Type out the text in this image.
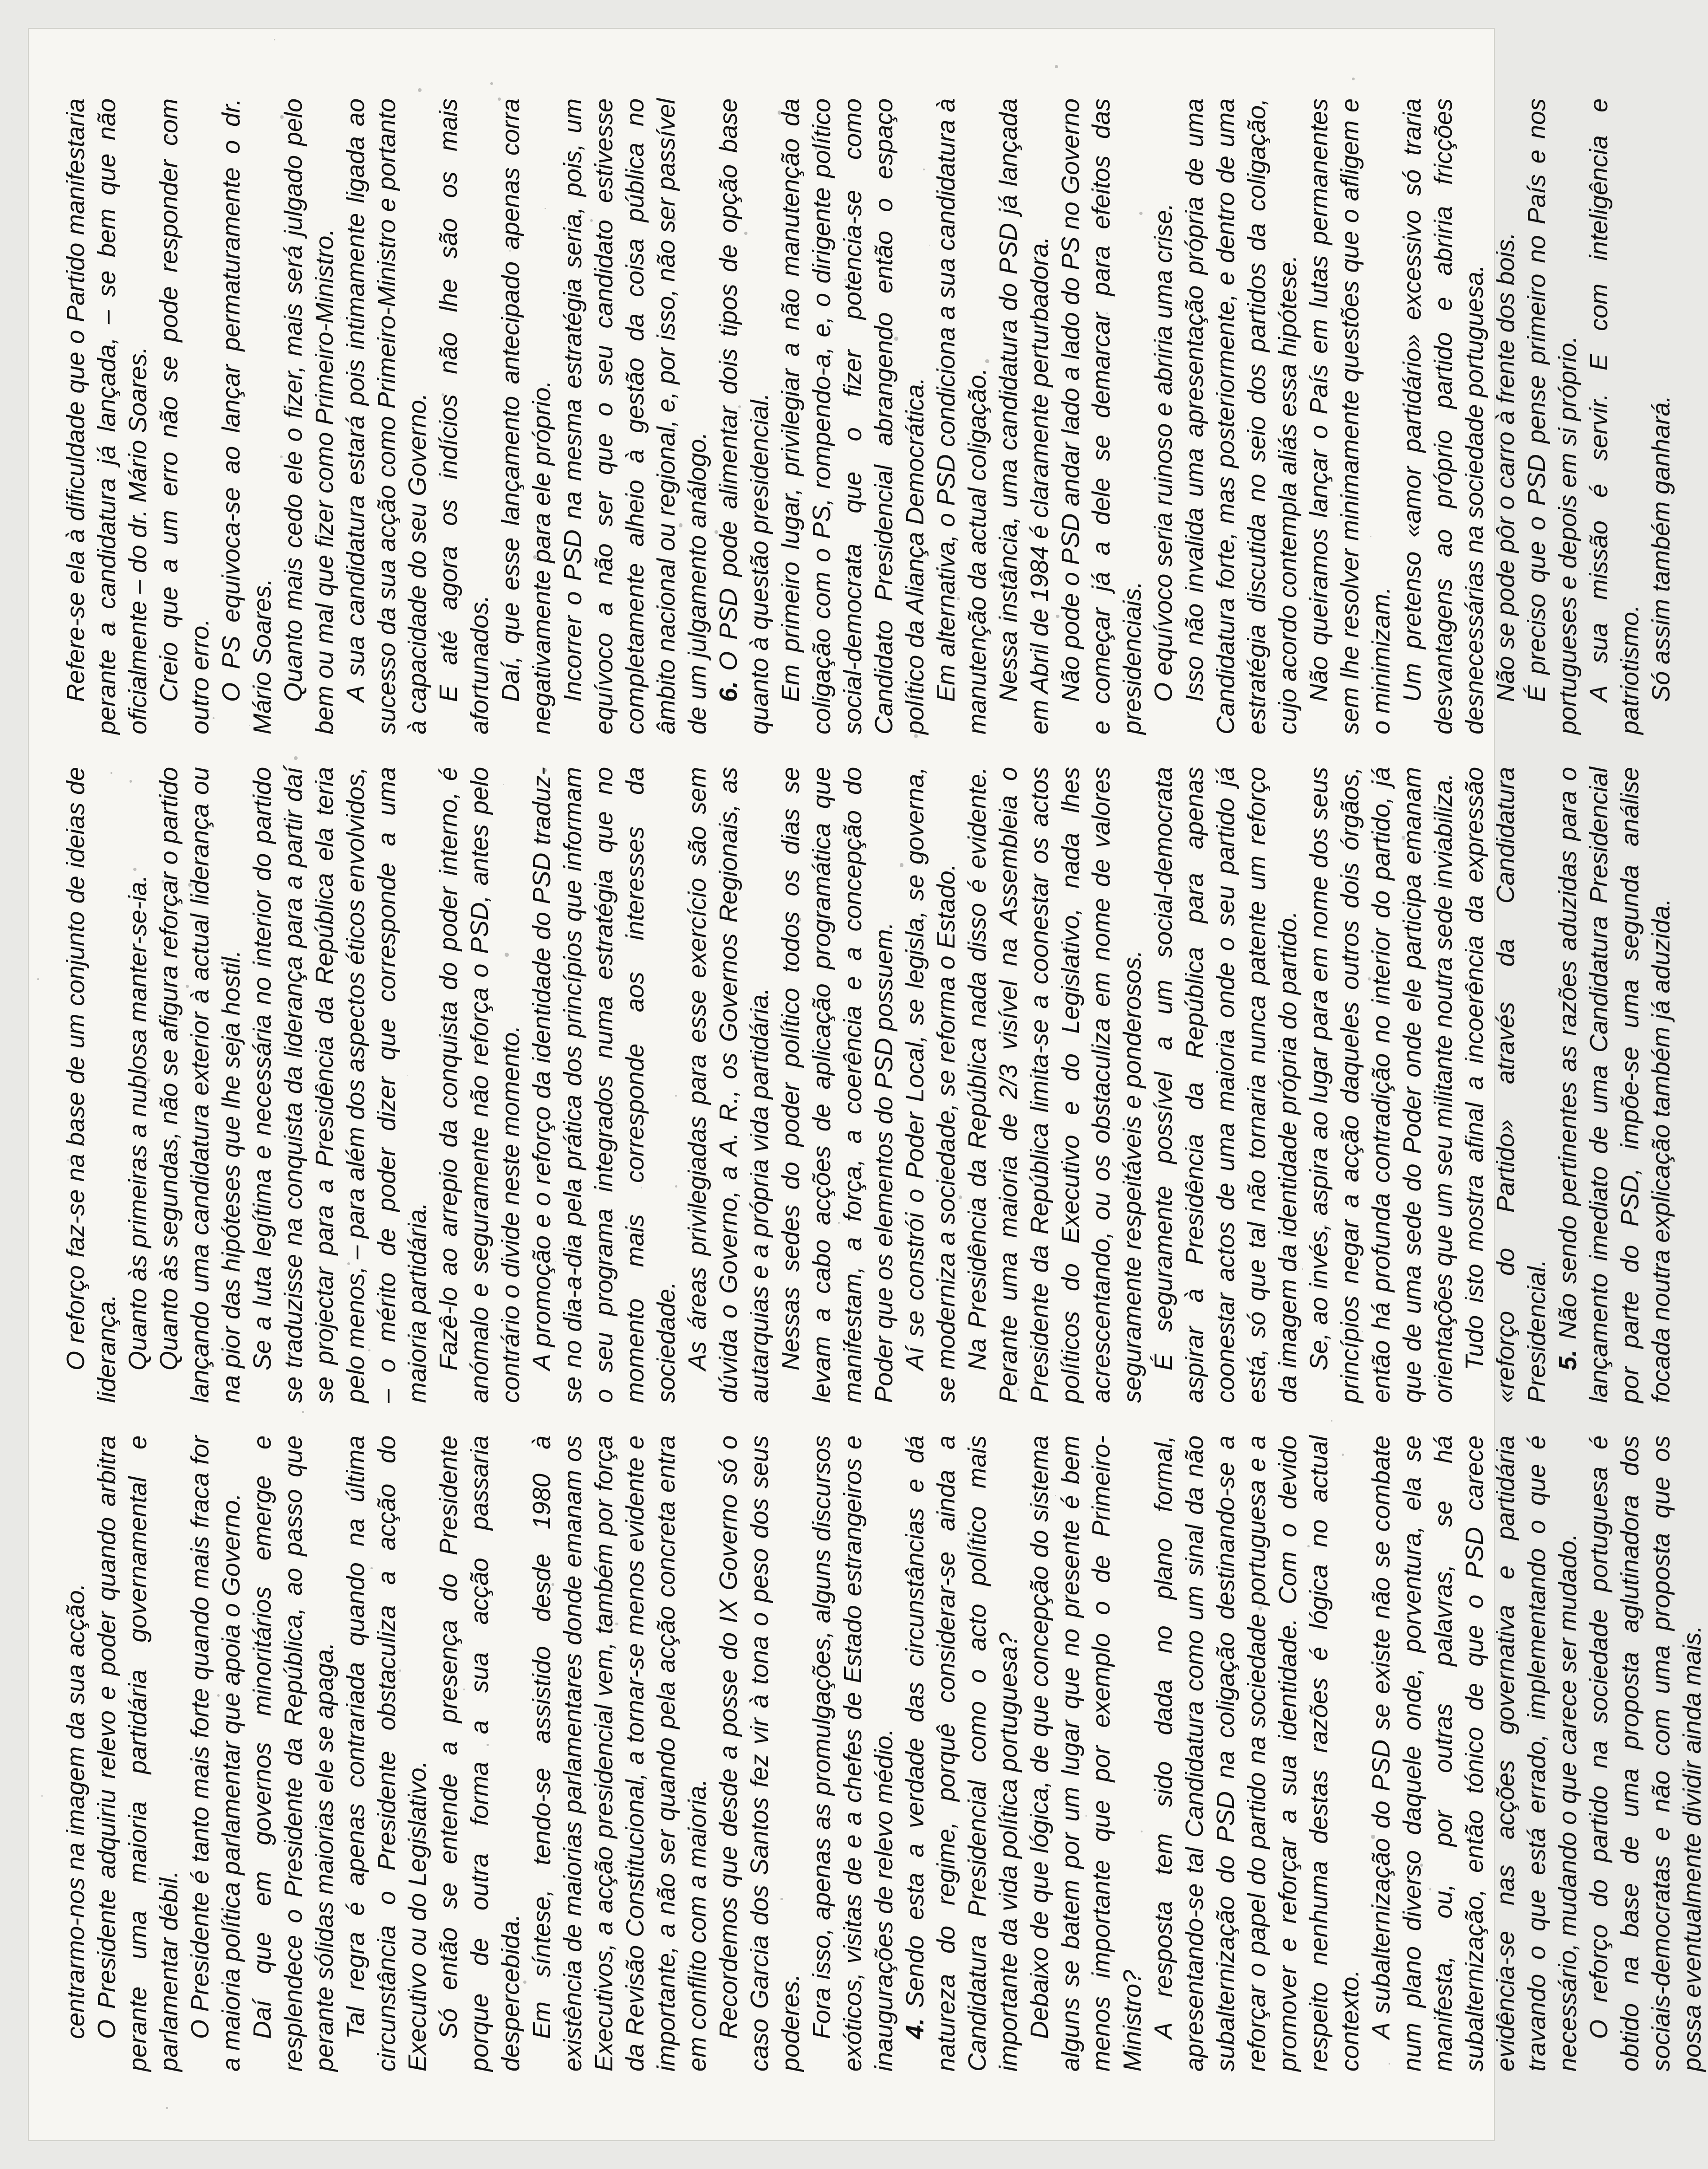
centrarmo-nos na imagem da sua acção. O Presidente adquiriu relevo e poder quando arbitra perante uma maioria partidária governamental e parlamentar débil. O Presidente é tanto mais forte quando mais fraca for a maioria política parlamentar que apoia o Governo. Daí que em governos minoritários emerge e resplendece o Presidente da República, ao passo que perante sólidas maiorias ele se apaga. Tal regra é apenas contrariada quando na última circunstância o Presidente obstaculiza a acção do Executivo ou do Legislativo. Só então se entende a presença do Presidente porque de outra forma a sua acção passaria despercebida. Em síntese, tendo-se assistido desde 1980 à existência de maiorias parlamentares donde emanam os Executivos, a acção presidencial vem, também por força da Revisão Constitucional, a tornar-se menos evidente e importante, a não ser quando pela acção concreta entra em conflito com a maioria. Recordemos que desde a posse do IX Governo só o caso Garcia dos Santos fez vir à tona o peso dos seus poderes. Fora isso, apenas as promulgações, alguns discursos exóticos, visitas de e a chefes de Estado estrangeiros e inaugurações de relevo médio. 4.Sendo esta a verdade das circunstâncias e dá natureza do regime, porquê considerar-se ainda a Candidatura Presidencial como o acto político mais importante da vida política portuguesa? Debaixo de que lógica, de que concepção do sistema alguns se batem por um lugar que no presente é bem menos importante que por exemplo o de Primeiro-Ministro? A resposta tem sido dada no plano formal, apresentando-se tal Candidatura como um sinal da não subalternização do PSD na coligação destinando-se a reforçar o papel do partido na sociedade portuguesa e a promover e reforçar a sua identidade. Com o devido respeito nenhuma destas razões é lógica no actual contexto. A subalternização do PSD se existe não se combate num plano diverso daquele onde, porventura, ela se manifesta, ou, por outras palavras, se há subalternização, então tónico de que o PSD carece evidência-se nas acções governativa e partidária travando o que está errado, implementando o que é necessário, mudando o que carece ser mudado. O reforço do partido na sociedade portuguesa é obtido na base de uma proposta aglutinadora dos sociais-democratas e não com uma proposta que os possa eventualmente dividir ainda mais.

O reforço faz-se na base de um conjunto de ideias de liderança. Quanto às primeiras a nublosa manter-se-ia. Quanto às segundas, não se afigura reforçar o partido lançando uma candidatura exterior à actual liderança ou na pior das hipóteses que lhe seja hostil. Se a luta legítima e necessária no interior do partido se traduzisse na conquista da liderança para a partir daí se projectar para a Presidência da República ela teria pelo menos, – para além dos aspectos éticos envolvidos, – o mérito de poder dizer que corresponde a uma maioria partidária. Fazê-lo ao arrepio da conquista do poder interno, é anómalo e seguramente não reforça o PSD, antes pelo contrário o divide neste momento. A promoção e o reforço da identidade do PSD traduz-se no dia-a-dia pela prática dos princípios que informam o seu programa integrados numa estratégia que no momento mais corresponde aos interesses da sociedade. As áreas privilegiadas para esse exercício são sem dúvida o Governo, a A. R., os Governos Regionais, as autarquias e a própria vida partidária. Nessas sedes do poder político todos os dias se levam a cabo acções de aplicação programática que manifestam, a força, a coerência e a concepção do Poder que os elementos do PSD possuem. Aí se constrói o Poder Local, se legisla, se governa, se moderniza a sociedade, se reforma o Estado. Na Presidência da República nada disso é evidente. Perante uma maioria de 2/3 visível na Assembleia o Presidente da República limita-se a coonestar os actos políticos do Executivo e do Legislativo, nada lhes acrescentando, ou os obstaculiza em nome de valores seguramente respeitáveis e ponderosos. É seguramente possível a um social-democrata aspirar à Presidência da República para apenas coonestar actos de uma maioria onde o seu partido já está, só que tal não tornaria nunca patente um reforço da imagem da identidade própria do partido. Se, ao invés, aspira ao lugar para em nome dos seus princípios negar a acção daqueles outros dois órgãos, então há profunda contradição no interior do partido, já que de uma sede do Poder onde ele participa emanam orientações que um seu militante noutra sede inviabiliza. Tudo isto mostra afinal a incoerência da expressão «reforço do Partido» através da Candidatura Presidencial. 5.Não sendo pertinentes as razões aduzidas para o lançamento imediato de uma Candidatura Presidencial por parte do PSD, impõe-se uma segunda análise focada noutra explicação também já aduzida.

Refere-se ela à dificuldade que o Partido manifestaria perante a candidatura já lançada, – se bem que não oficialmente – do dr. Mário Soares. Creio que a um erro não se pode responder com outro erro. O PS equivoca-se ao lançar permaturamente o dr. Mário Soares. Quanto mais cedo ele o fizer, mais será julgado pelo bem ou mal que fizer como Primeiro-Ministro. A sua candidatura estará pois intimamente ligada ao sucesso da sua acção como Primeiro-Ministro e portanto à capacidade do seu Governo. E até agora os indícios não lhe são os mais afortunados. Daí, que esse lançamento antecipado apenas corra negativamente para ele próprio. Incorrer o PSD na mesma estratégia seria, pois, um equívoco a não ser que o seu candidato estivesse completamente alheio à gestão da coisa pública no âmbito nacional ou regional, e, por isso, não ser passível de um julgamento análogo. 6.O PSD pode alimentar dois tipos de opção base quanto à questão presidencial. Em primeiro lugar, privilegiar a não manutenção da coligação com o PS, rompendo-a, e, o dirigente político social-democrata que o fizer potencia-se como Candidato Presidencial abrangendo então o espaço político da Aliança Democrática. Em alternativa, o PSD condiciona a sua candidatura à manutenção da actual coligação. Nessa instância, uma candidatura do PSD já lançada em Abril de 1984 é claramente perturbadora. Não pode o PSD andar lado a lado do PS no Governo e começar já a dele se demarcar para efeitos das presidenciais. O equívoco seria ruinoso e abriria uma crise. Isso não invalida uma apresentação própria de uma Candidatura forte, mas posteriormente, e dentro de uma estratégia discutida no seio dos partidos da coligação, cujo acordo contempla aliás essa hipótese. Não queiramos lançar o País em lutas permanentes sem lhe resolver minimamente questões que o afligem e o minimizam. Um pretenso «amor partidário» excessivo só traria desvantagens ao próprio partido e abriria fricções desnecessárias na sociedade portuguesa. Não se pode pôr o carro à frente dos bois. É preciso que o PSD pense primeiro no País e nos portugueses e depois em si próprio. A sua missão é servir. E com inteligência e patriotismo. Só assim também ganhará.
